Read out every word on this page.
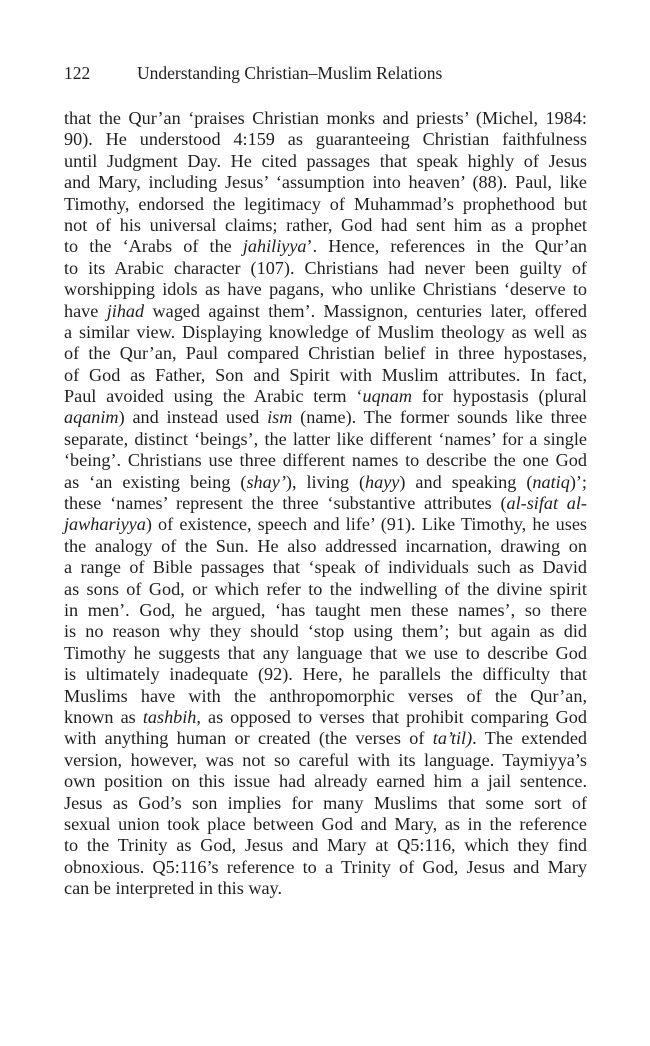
122	Understanding Christian–Muslim Relations
that the Qur’an ‘praises Christian monks and priests’ (Michel, 1984:
90). He understood 4:159 as guaranteeing Christian faithfulness
until Judgment Day. He cited passages that speak highly of Jesus
and Mary, including Jesus’ ‘assumption into heaven’ (88). Paul, like
Timothy, endorsed the legitimacy of Muhammad’s prophethood but
not of his universal claims; rather, God had sent him as a prophet
to the ‘Arabs of the jahiliyya’. Hence, references in the Qur’an
to its Arabic character (107). Christians had never been guilty of
worshipping idols as have pagans, who unlike Christians ‘deserve to
have jihad waged against them’. Massignon, centuries later, offered
a similar view. Displaying knowledge of Muslim theology as well as
of the Qur’an, Paul compared Christian belief in three hypostases,
of God as Father, Son and Spirit with Muslim attributes. In fact,
Paul avoided using the Arabic term ‘uqnam for hypostasis (plural
aqanim) and instead used ism (name). The former sounds like three
separate, distinct ‘beings’, the latter like different ‘names’ for a single
‘being’. Christians use three different names to describe the one God
as ‘an existing being (shay’), living (hayy) and speaking (natiq)’;
these ‘names’ represent the three ‘substantive attributes (al-sifat al-
jawhariyya) of existence, speech and life’ (91). Like Timothy, he uses
the analogy of the Sun. He also addressed incarnation, drawing on
a range of Bible passages that ‘speak of individuals such as David
as sons of God, or which refer to the indwelling of the divine spirit
in men’. God, he argued, ‘has taught men these names’, so there
is no reason why they should ‘stop using them’; but again as did
Timothy he suggests that any language that we use to describe God
is ultimately inadequate (92). Here, he parallels the difficulty that
Muslims have with the anthropomorphic verses of the Qur’an,
known as tashbih, as opposed to verses that prohibit comparing God
with anything human or created (the verses of ta’til). The extended
version, however, was not so careful with its language. Taymiyya’s
own position on this issue had already earned him a jail sentence.
Jesus as God’s son implies for many Muslims that some sort of
sexual union took place between God and Mary, as in the reference
to the Trinity as God, Jesus and Mary at Q5:116, which they find
obnoxious. Q5:116’s reference to a Trinity of God, Jesus and Mary
can be interpreted in this way.
